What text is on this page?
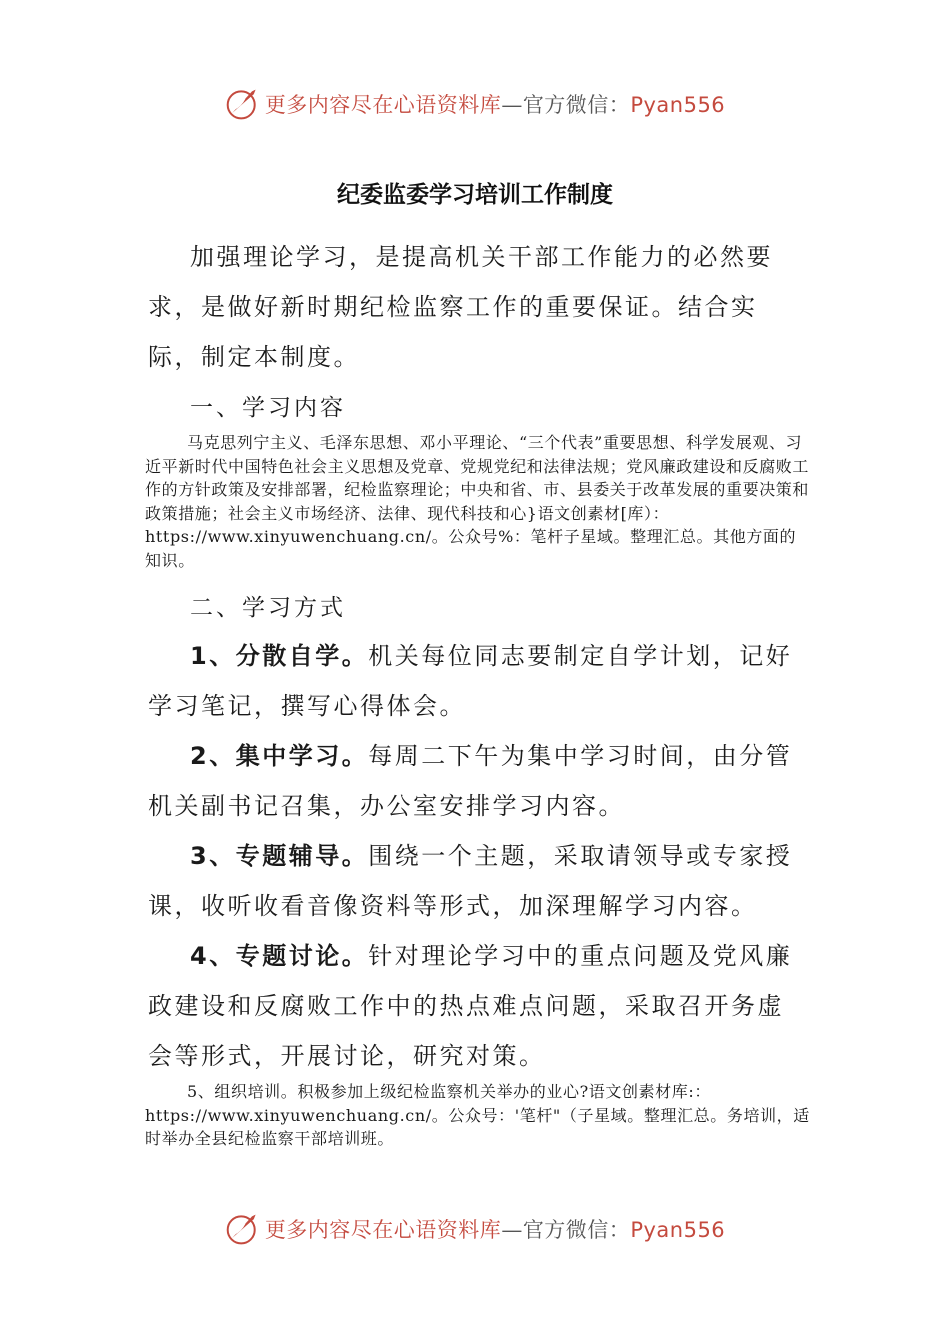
更多内容尽在心语资料库—官方微信：Pyan556
纪委监委学习培训工作制度

加强理论学习，是提高机关干部工作能力的必然要求，是做好新时期纪检监察工作的重要保证。结合实际，制定本制度。

一、学习内容

马克思列宁主义、毛泽东思想、邓小平理论、“三个代表”重要思想、科学发展观、习近平新时代中国特色社会主义思想及党章、党规党纪和法律法规；党风廉政建设和反腐败工作的方针政策及安排部署，纪检监察理论；中央和省、市、县委关于改革发展的重要决策和政策措施；社会主义市场经济、法律、现代科技和心}语文创素材[库）：https://www.xinyuwenchuang.cn/。公众号%：笔杆子星域。整理汇总。其他方面的知识。

二、学习方式

1、分散自学。机关每位同志要制定自学计划，记好学习笔记，撰写心得体会。

2、集中学习。每周二下午为集中学习时间，由分管机关副书记召集，办公室安排学习内容。

3、专题辅导。围绕一个主题，采取请领导或专家授课，收听收看音像资料等形式，加深理解学习内容。

4、专题讨论。针对理论学习中的重点问题及党风廉政建设和反腐败工作中的热点难点问题，采取召开务虚会等形式，开展讨论，研究对策。

5、组织培训。积极参加上级纪检监察机关举办的业心?语文创素材库:：https://www.xinyuwenchuang.cn/。公众号：'笔杆"（子星域。整理汇总。务培训，适时举办全县纪检监察干部培训班。

更多内容尽在心语资料库—官方微信：Pyan556
